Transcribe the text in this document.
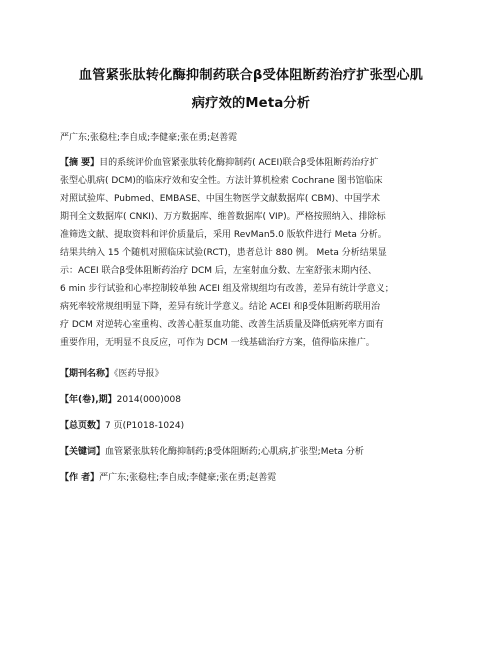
血管紧张肽转化酶抑制药联合β受体阻断药治疗扩张型心肌
病疗效的Meta分析
严广东;张稳柱;李自成;李健豪;张在勇;赵善霓
【摘 要】目的系统评价血管紧张肽转化酶抑制药( ACEI)联合β受体阻断药治疗扩
张型心肌病( DCM)的临床疗效和安全性。方法计算机检索 Cochrane 图书馆临床
对照试验库、Pubmed、EMBASE、中国生物医学文献数据库( CBM)、中国学术
期刊全文数据库( CNKI)、万方数据库、维普数据库( VIP)。严格按照纳入、排除标
准筛选文献、提取资料和评价质量后，采用 RevMan5.0 版软件进行 Meta 分析。
结果共纳入 15 个随机对照临床试验(RCT)，患者总计 880 例。 Meta 分析结果显
示：ACEI 联合β受体阻断药治疗 DCM 后，左室射血分数、左室舒张末期内径、
6 min 步行试验和心率控制较单独 ACEI 组及常规组均有改善，差异有统计学意义；
病死率较常规组明显下降，差异有统计学意义。结论 ACEI 和β受体阻断药联用治
疗 DCM 对逆转心室重构、改善心脏泵血功能、改善生活质量及降低病死率方面有
重要作用，无明显不良反应，可作为 DCM 一线基础治疗方案，值得临床推广。
【期刊名称】《医药导报》
【年(卷),期】2014(000)008
【总页数】7 页(P1018-1024)
【关键词】血管紧张肽转化酶抑制药;β受体阻断药;心肌病,扩张型;Meta 分析
【作 者】严广东;张稳柱;李自成;李健豪;张在勇;赵善霓
